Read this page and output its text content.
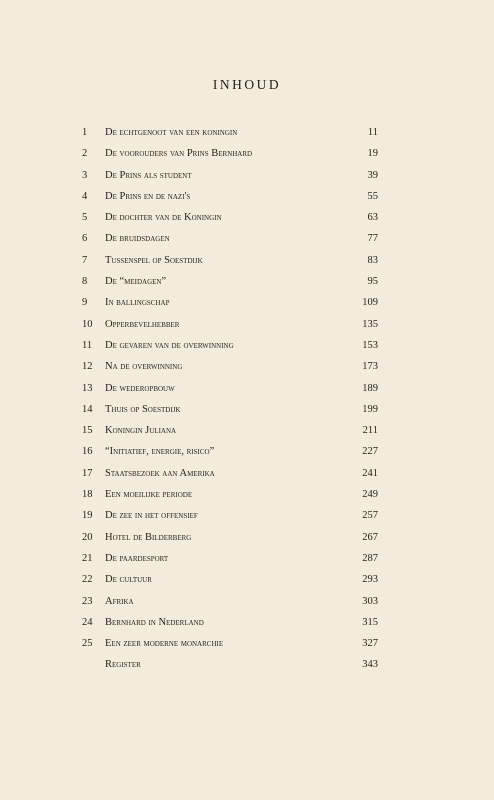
INHOUD
1	De echtgenoot van een koningin	11
2	De voorouders van Prins Bernhard	19
3	De Prins als student	39
4	De Prins en de nazi's	55
5	De dochter van de Koningin	63
6	De bruidsdagen	77
7	Tussenspel op Soestdijk	83
8	De “meidagen”	95
9	In ballingschap	109
10	Opperbevelhebber	135
11	De gevaren van de overwinning	153
12	Na de overwinning	173
13	De wederopbouw	189
14	Thuis op Soestdijk	199
15	Koningin Juliana	211
16	“Initiatief, energie, risico”	227
17	Staatsbezoek aan Amerika	241
18	Een moeilijke periode	249
19	De zee in het offensief	257
20	Hotel de Bilderberg	267
21	De paardesport	287
22	De cultuur	293
23	Afrika	303
24	Bernhard in Nederland	315
25	Een zeer moderne monarchie	327
Register	343
